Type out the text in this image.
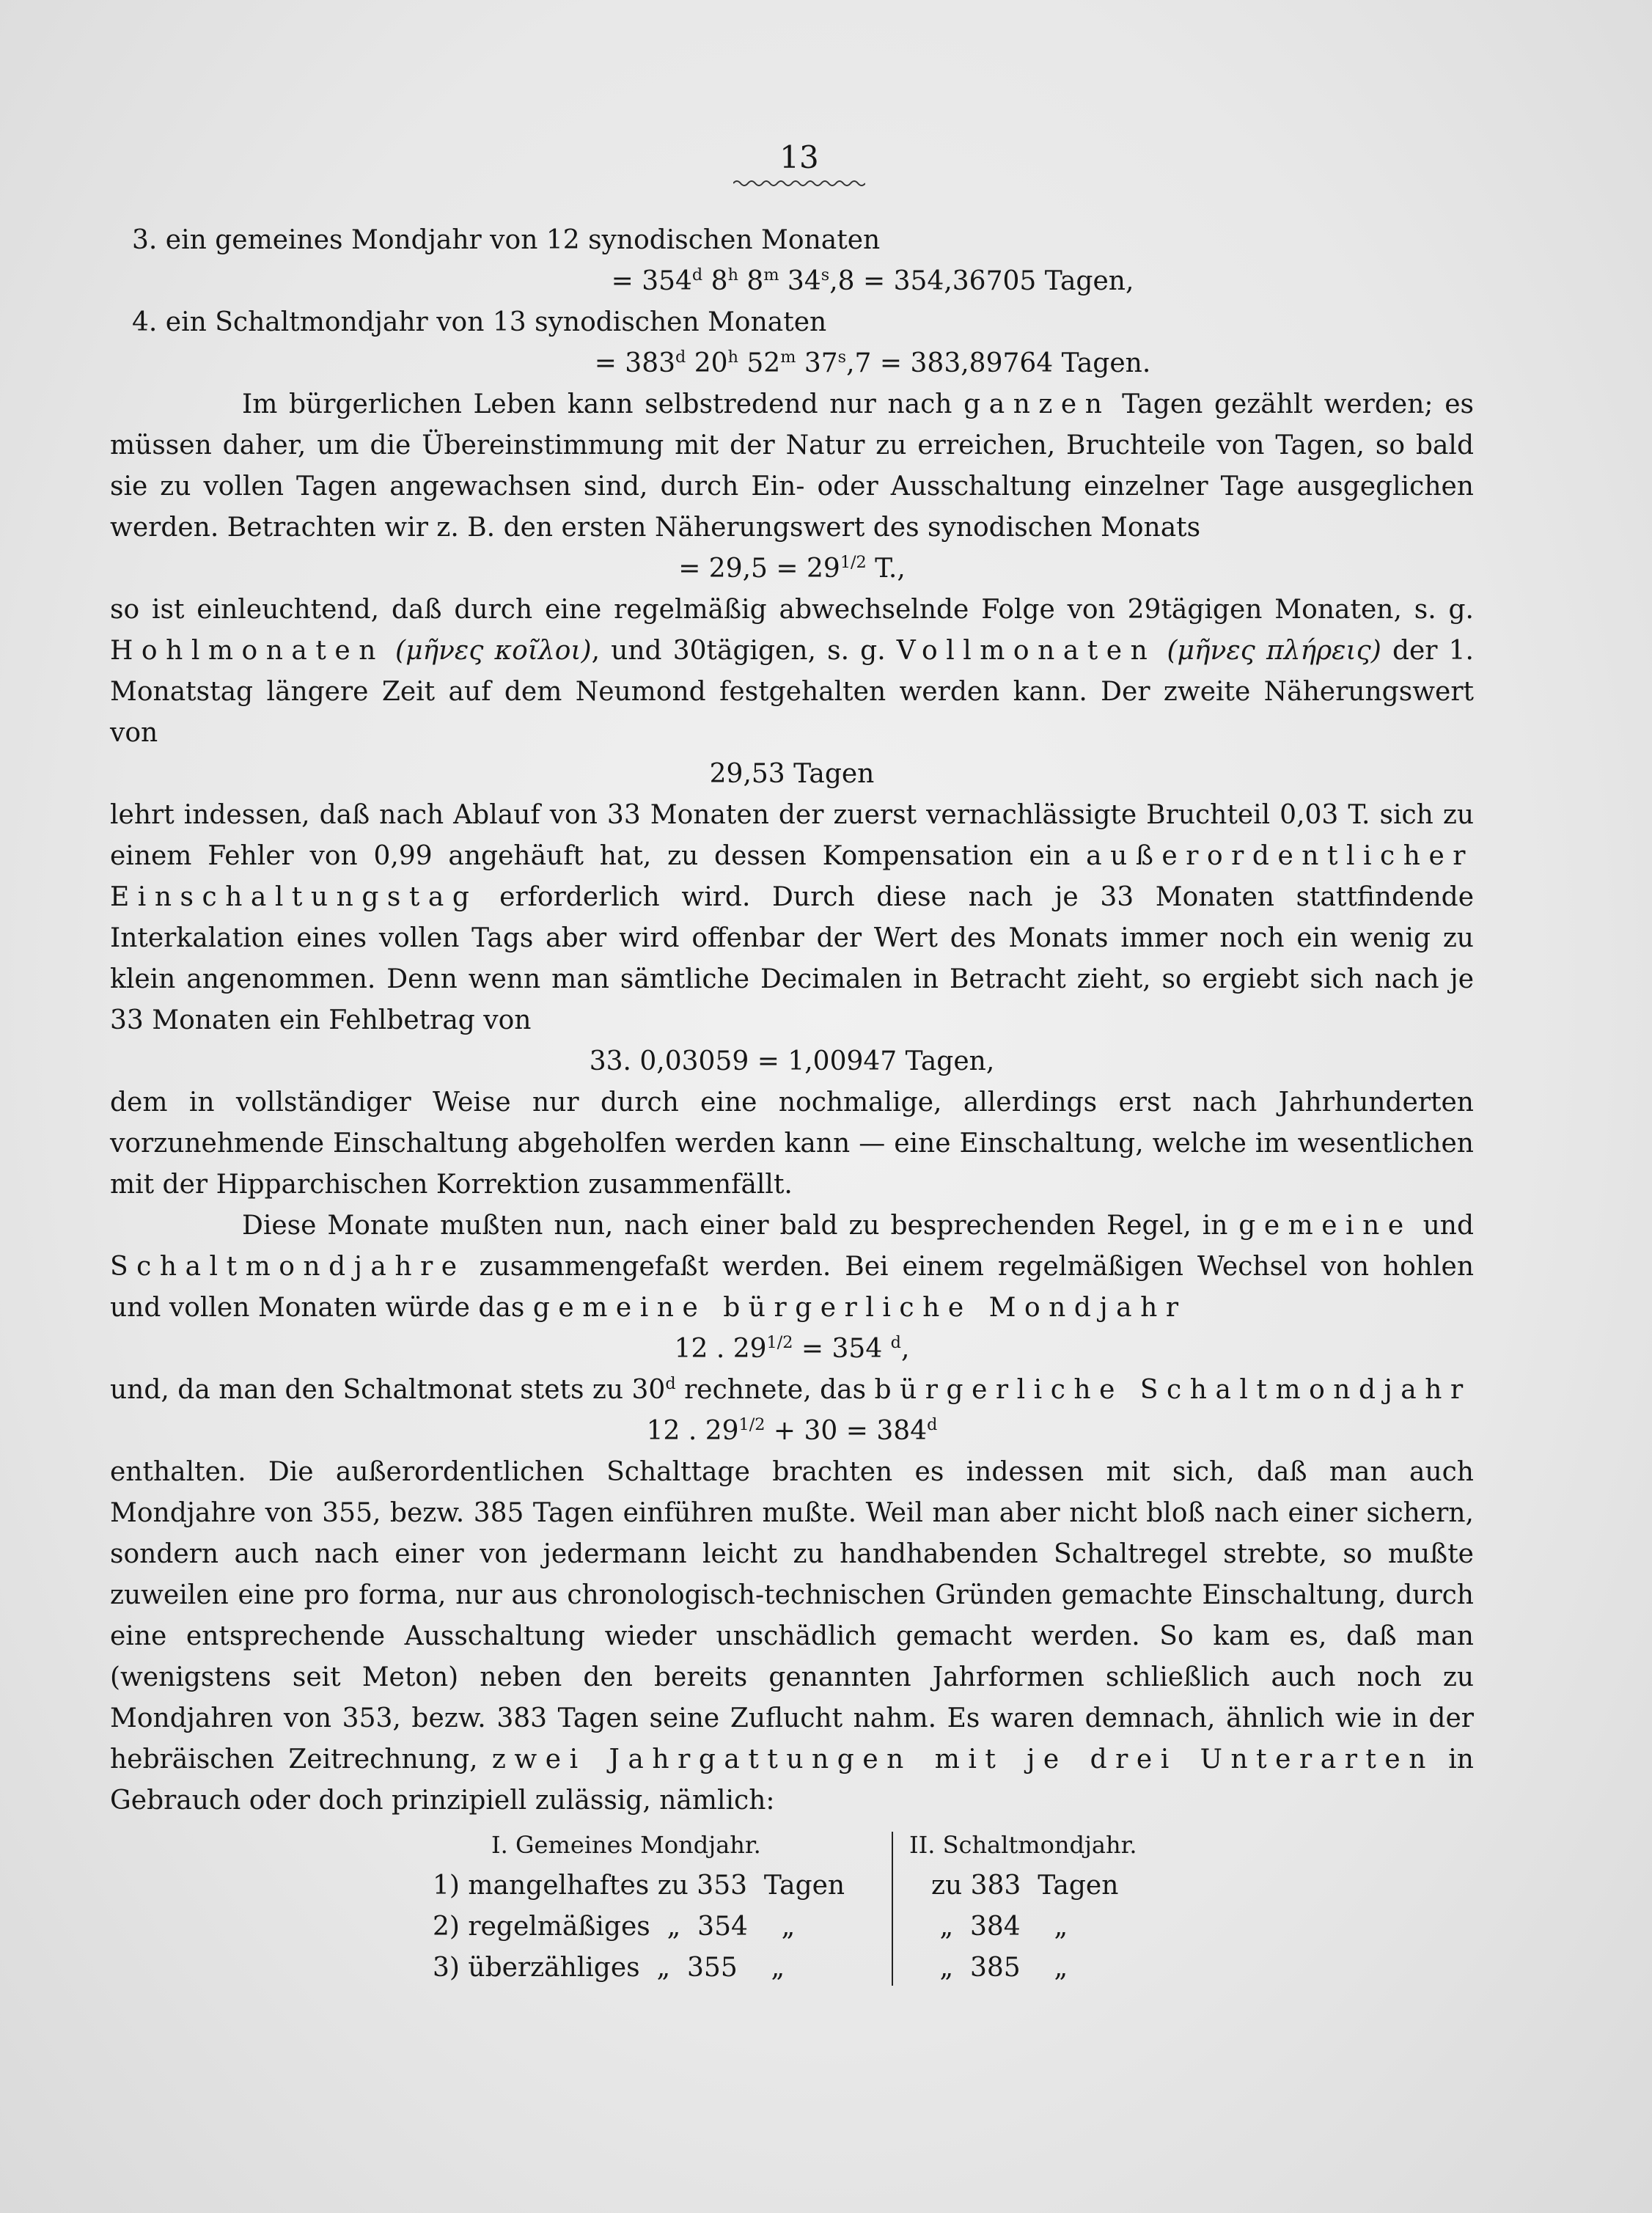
13

3. ein gemeines Mondjahr von 12 synodischen Monaten

= $354^d$ 8$^h$ 8$^m$ $34^s,8 = 354,36705$ Tagen,

4. ein Schaltmondjahr von 13 synodischen Monaten

= $383^d$ 20$^h$ 52$^m$ $37^s,7 = 383,89764$ Tagen.

Im bürgerlichen Leben kann selbstredend nur nach ganzen Tagen gezählt werden; es müssen daher, um die Übereinstimmung mit der Natur zu erreichen, Bruchteile von Tagen, so bald sie zu vollen Tagen angewachsen sind, durch Ein- oder Ausschaltung einzelner Tage ausgeglichen werden. Betrachten wir z. B. den ersten Näherungswert des synodischen Monats

= $29,5 = 29^{1/2}$ T.,

so ist einleuchtend, daß durch eine regelmäßig abwechselnde Folge von 29tägigen Monaten, s. g. Hohlmonaten (μῆνες κοῖλοι), und 30tägigen, s. g. Vollmonaten (μῆνες πλήρεις) der 1. Monatstag längere Zeit auf dem Neumond festgehalten werden kann. Der zweite Näherungswert von

29,53 Tagen

lehrt indessen, daß nach Ablauf von 33 Monaten der zuerst vernachlässigte Bruchteil 0,03 T. sich zu einem Fehler von 0,99 angehäuft hat, zu dessen Kompensation ein außerordentlicher Einschaltungstag erforderlich wird. Durch diese nach je 33 Monaten stattfindende Interkalation eines vollen Tags aber wird offenbar der Wert des Monats immer noch ein wenig zu klein angenommen. Denn wenn man sämtliche Decimalen in Betracht zieht, so ergiebt sich nach je 33 Monaten ein Fehlbetrag von

33. 0,03059 = 1,00947 Tagen,

dem in vollständiger Weise nur durch eine nochmalige, allerdings erst nach Jahrhunderten vorzunehmende Einschaltung abgeholfen werden kann — eine Einschaltung, welche im wesentlichen mit der Hipparchischen Korrektion zusammenfällt.

Diese Monate mußten nun, nach einer bald zu besprechenden Regel, in gemeine und Schaltmondjahre zusammengefaßt werden. Bei einem regelmäßigen Wechsel von hohlen und vollen Monaten würde das gemeine bürgerliche Mondjahr

12 . $29^{1/2} = 354$ $^d$,

und, da man den Schaltmonat stets zu 30$^d$ rechnete, das bürgerliche Schaltmondjahr

12 . $29^{1/2} + 30 = 384^d$

enthalten. Die außerordentlichen Schalttage brachten es indessen mit sich, daß man auch Mondjahre von 355, bezw. 385 Tagen einführen mußte. Weil man aber nicht bloß nach einer sichern, sondern auch nach einer von jedermann leicht zu handhabenden Schaltregel strebte, so mußte zuweilen eine pro forma, nur aus chronologisch-technischen Gründen gemachte Einschaltung, durch eine entsprechende Ausschaltung wieder unschädlich gemacht werden. So kam es, daß man (wenigstens seit Meton) neben den bereits genannten Jahrformen schließlich auch noch zu Mondjahren von 353, bezw. 383 Tagen seine Zuflucht nahm. Es waren demnach, ähnlich wie in der hebräischen Zeitrechnung, zwei Jahrgattungen mit je drei Unterarten in Gebrauch oder doch prinzipiell zulässig, nämlich:

I. Gemeines Mondjahr.
1) mangelhaftes zu 353  Tagen
2) regelmäßiges  „  354    „
3) überzähliges  „  355    „
II. Schaltmondjahr.
zu 383  Tagen
„  384    „
„  385    „
